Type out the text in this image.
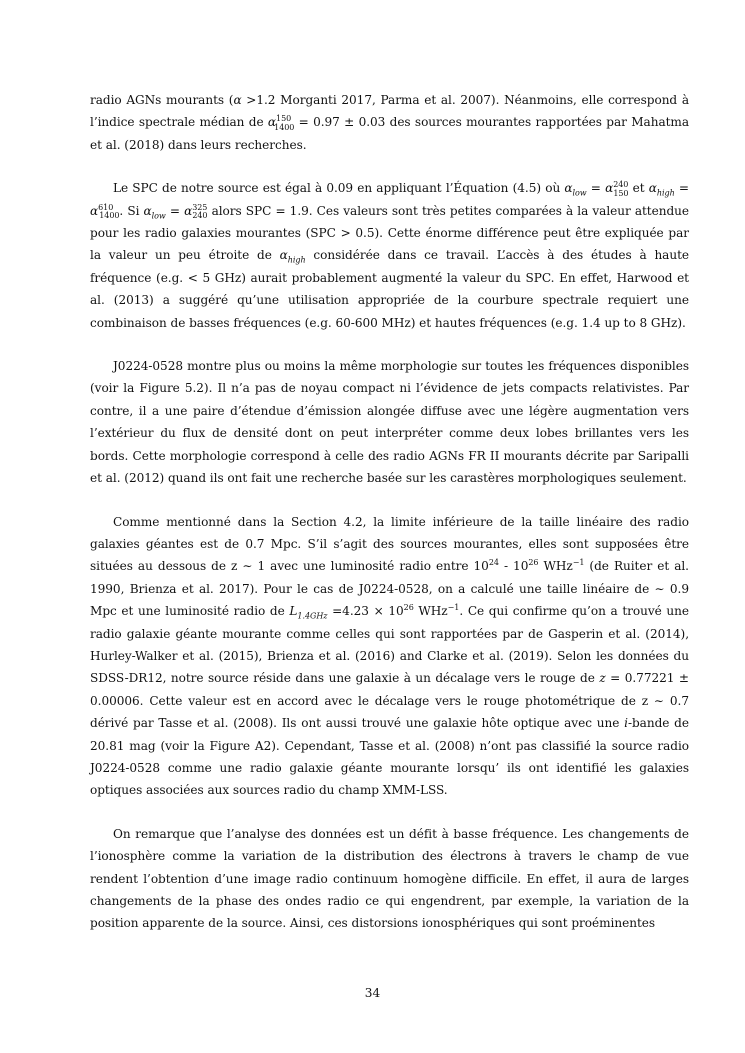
radio AGNs mourants (α >1.2 Morganti 2017, Parma et al. 2007). Néanmoins, elle correspond à l’indice spectrale médian de $\alpha^{150}_{1400} = 0.97 \pm 0.03$ des sources mourantes rapportées par Mahatma et al. (2018) dans leurs recherches.

Le SPC de notre source est égal à 0.09 en appliquant l’Équation (4.5) où $\alpha_{low} = \alpha^{240}_{150}$ et $\alpha_{high} = \alpha^{610}_{1400}$. Si $\alpha_{low} = \alpha^{325}_{240}$ alors SPC = 1.9. Ces valeurs sont très petites comparées à la valeur attendue pour les radio galaxies mourantes (SPC > 0.5). Cette énorme différence peut être expliquée par la valeur un peu étroite de $\alpha_{high}$ considérée dans ce travail. L’accès à des études à haute fréquence (e.g. < 5 GHz) aurait probablement augmenté la valeur du SPC. En effet, Harwood et al. (2013) a suggéré qu’une utilisation appropriée de la courbure spectrale requiert une combinaison de basses fréquences (e.g. 60-600 MHz) et hautes fréquences (e.g. 1.4 up to 8 GHz).

J0224-0528 montre plus ou moins la même morphologie sur toutes les fréquences disponibles (voir la Figure 5.2). Il n’a pas de noyau compact ni l’évidence de jets compacts relativistes. Par contre, il a une paire d’étendue d’émission alongée diffuse avec une légère augmentation vers l’extérieur du flux de densité dont on peut interpréter comme deux lobes brillantes vers les bords. Cette morphologie correspond à celle des radio AGNs FR II mourants décrite par Saripalli et al. (2012) quand ils ont fait une recherche basée sur les carastères morphologiques seulement.

Comme mentionné dans la Section 4.2, la limite inférieure de la taille linéaire des radio galaxies géantes est de 0.7 Mpc. S’il s’agit des sources mourantes, elles sont supposées être situées au dessous de z ∼ 1 avec une luminosité radio entre $10^{24} - 10^{26}$ WHz$^{-1}$ (de Ruiter et al. 1990, Brienza et al. 2017). Pour le cas de J0224-0528, on a calculé une taille linéaire de ∼ 0.9 Mpc et une luminosité radio de $L_{1.4GHz} =4.23 \times 10^{26}$ WHz$^{-1}$. Ce qui confirme qu’on a trouvé une radio galaxie géante mourante comme celles qui sont rapportées par de Gasperin et al. (2014), Hurley-Walker et al. (2015), Brienza et al. (2016) and Clarke et al. (2019). Selon les données du SDSS-DR12, notre source réside dans une galaxie à un décalage vers le rouge de z = 0.77221 ± 0.00006. Cette valeur est en accord avec le décalage vers le rouge photométrique de z ∼ 0.7 dérivé par Tasse et al. (2008). Ils ont aussi trouvé une galaxie hôte optique avec une i-bande de 20.81 mag (voir la Figure A2). Cependant, Tasse et al. (2008) n’ont pas classifié la source radio J0224-0528 comme une radio galaxie géante mourante lorsqu’ ils ont identifié les galaxies optiques associées aux sources radio du champ XMM-LSS.

On remarque que l’analyse des données est un défit à basse fréquence. Les changements de l’ionosphère comme la variation de la distribution des électrons à travers le champ de vue rendent l’obtention d’une image radio continuum homogène difficile. En effet, il aura de larges changements de la phase des ondes radio ce qui engendrent, par exemple, la variation de la position apparente de la source. Ainsi, ces distorsions ionosphériques qui sont proéminentes

34
